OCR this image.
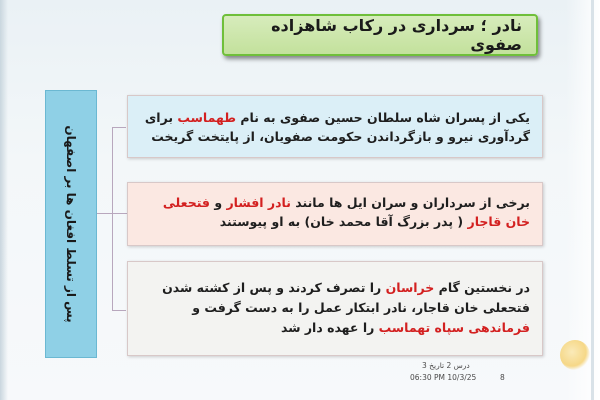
نادر ؛ سرداری در رکاب شاهزاده صفوی
پس از تسلط افغان ها بر اصفهان
یکی از پسران شاه سلطان حسین صفوی به نام طهماسب برای گردآوری نیرو و بازگرداندن حکومت صفویان، از پایتخت گریخت
برخی از سرداران و سران ایل ها مانند نادر افشار و فتحعلی خان قاجار ( پدر بزرگ آقا محمد خان) به او پیوستند
در نخستین گام خراسان را تصرف کردند و پس از کشته شدن فتحعلی خان قاجار، نادر ابتکار عمل را به دست گرفت و فرماندهی سپاه تهماسب را عهده دار شد
درس 2 تاریخ 3
06:30 PM 10/3/25	8
